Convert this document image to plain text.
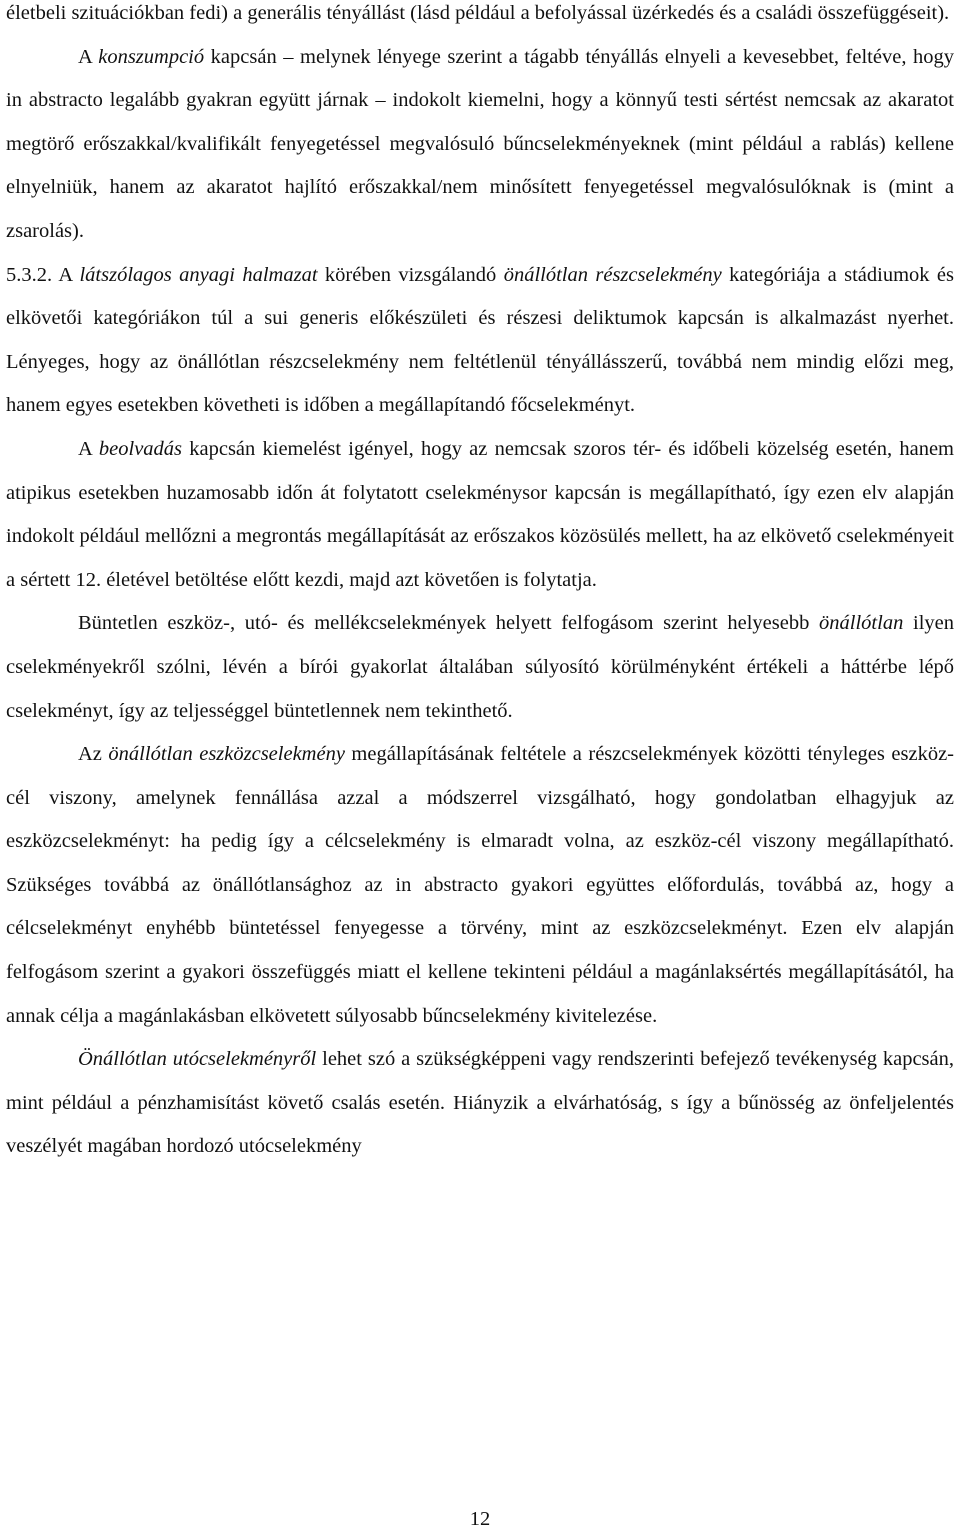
életbeli szituációkban fedi) a generális tényállást (lásd például a befolyással üzérkedés és a családi összefüggéseit).

A konszumpció kapcsán – melynek lényege szerint a tágabb tényállás elnyeli a kevesebbet, feltéve, hogy in abstracto legalább gyakran együtt járnak – indokolt kiemelni, hogy a könnyű testi sértést nemcsak az akaratot megtörő erőszakkal/kvalifikált fenyegetéssel megvalósuló bűncselekményeknek (mint például a rablás) kellene elnyelniük, hanem az akaratot hajlító erőszakkal/nem minősített fenyegetéssel megvalósulóknak is (mint a zsarolás).

5.3.2. A látszólagos anyagi halmazat körében vizsgálandó önállótlan részcselekmény kategóriája a stádiumok és elkövetői kategóriákon túl a sui generis előkészületi és részesi deliktumok kapcsán is alkalmazást nyerhet. Lényeges, hogy az önállótlan részcselekmény nem feltétlenül tényállásszerű, továbbá nem mindig előzi meg, hanem egyes esetekben követheti is időben a megállapítandó főcselekményt.

A beolvadás kapcsán kiemelést igényel, hogy az nemcsak szoros tér- és időbeli közelség esetén, hanem atipikus esetekben huzamosabb időn át folytatott cselekménysor kapcsán is megállapítható, így ezen elv alapján indokolt például mellőzni a megrontás megállapítását az erőszakos közösülés mellett, ha az elkövető cselekményeit a sértett 12. életével betöltése előtt kezdi, majd azt követően is folytatja.

Büntetlen eszköz-, utó- és mellékcselekmények helyett felfogásom szerint helyesebb önállótlan ilyen cselekményekről szólni, lévén a bírói gyakorlat általában súlyosító körülményként értékeli a háttérbe lépő cselekményt, így az teljességgel büntetlennek nem tekinthető.

Az önállótlan eszközcselekmény megállapításának feltétele a részcselekmények közötti tényleges eszköz-cél viszony, amelynek fennállása azzal a módszerrel vizsgálható, hogy gondolatban elhagyjuk az eszközcselekményt: ha pedig így a célcselekmény is elmaradt volna, az eszköz-cél viszony megállapítható. Szükséges továbbá az önállótlansághoz az in abstracto gyakori együttes előfordulás, továbbá az, hogy a célcselekményt enyhébb büntetéssel fenyegesse a törvény, mint az eszközcselekményt. Ezen elv alapján felfogásom szerint a gyakori összefüggés miatt el kellene tekinteni például a magánlaksértés megállapításától, ha annak célja a magánlakásban elkövetett súlyosabb bűncselekmény kivitelezése.

Önállótlan utócselekményről lehet szó a szükségképpeni vagy rendszerinti befejező tevékenység kapcsán, mint például a pénzhamisítást követő csalás esetén. Hiányzik a elvárhatóság, s így a bűnösség az önfeljelentés veszélyét magában hordozó utócselekmény

12
